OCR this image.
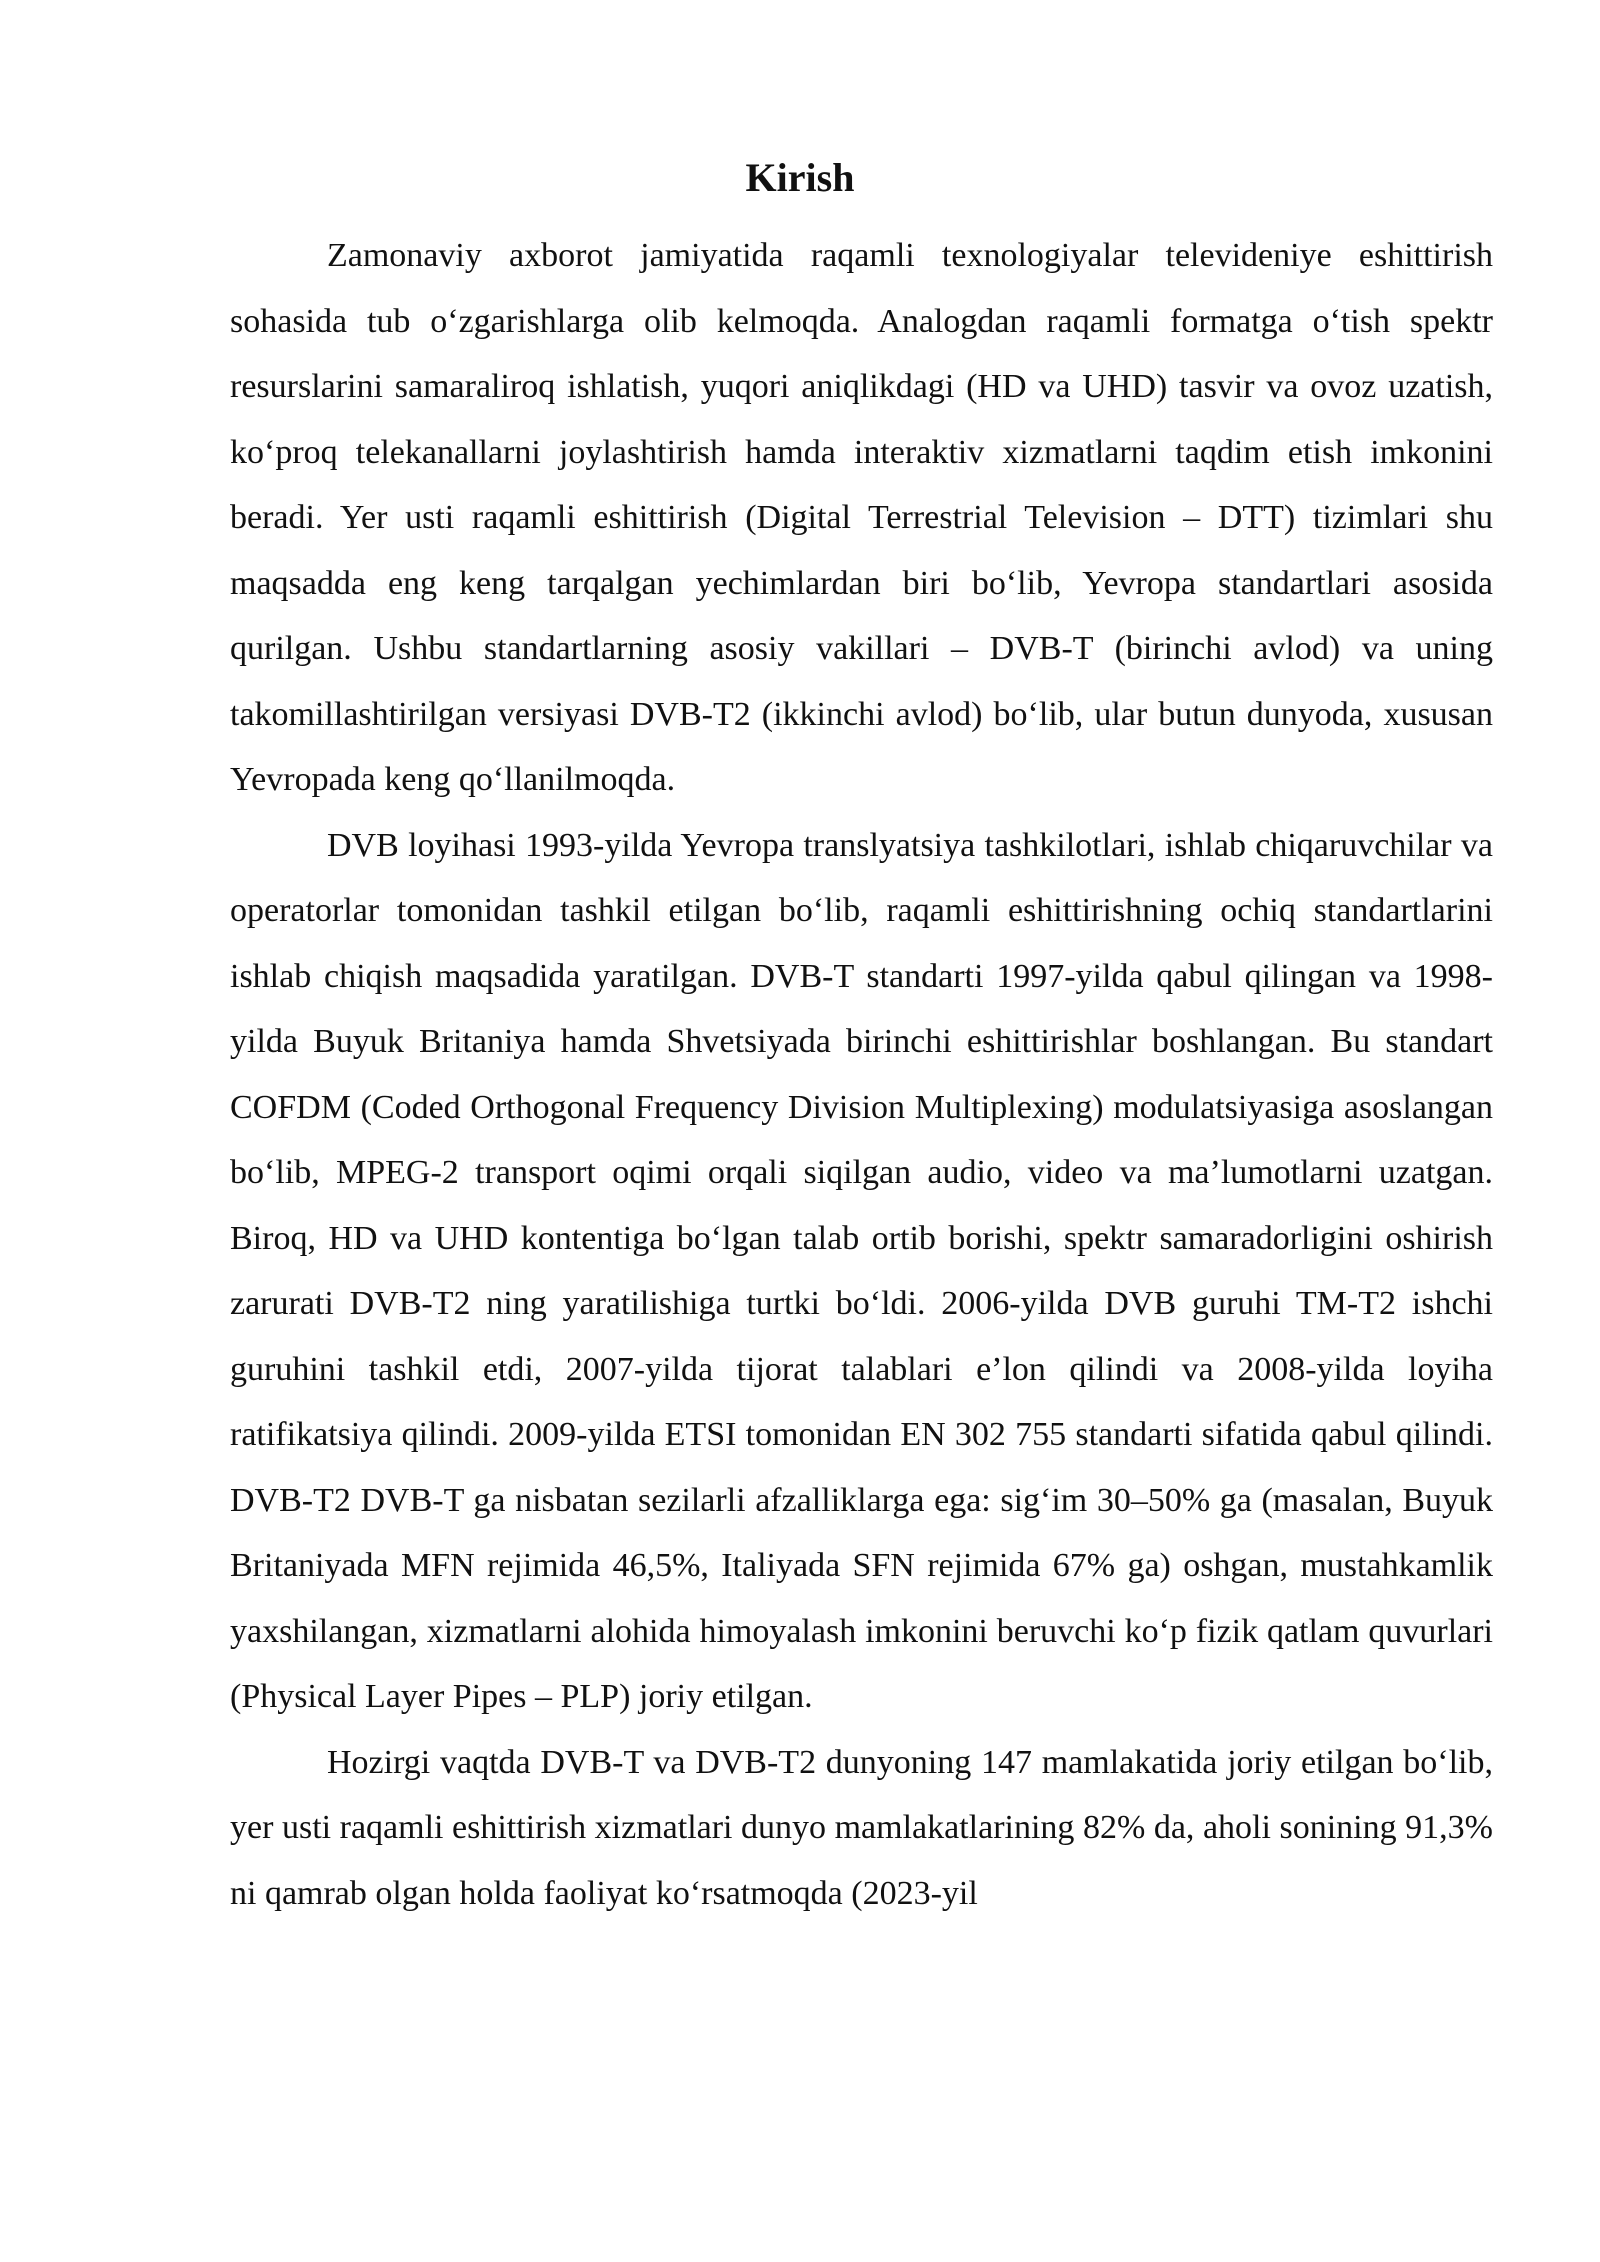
Kirish

Zamonaviy axborot jamiyatida raqamli texnologiyalar televideniye eshittirish sohasida tub o‘zgarishlarga olib kelmoqda. Analogdan raqamli formatga o‘tish spektr resurslarini samaraliroq ishlatish, yuqori aniqlikdagi (HD va UHD) tasvir va ovoz uzatish, ko‘proq telekanallarni joylashtirish hamda interaktiv xizmatlarni taqdim etish imkonini beradi. Yer usti raqamli eshittirish (Digital Terrestrial Television – DTT) tizimlari shu maqsadda eng keng tarqalgan yechimlardan biri bo‘lib, Yevropa standartlari asosida qurilgan. Ushbu standartlarning asosiy vakillari – DVB-T (birinchi avlod) va uning takomillashtirilgan versiyasi DVB-T2 (ikkinchi avlod) bo‘lib, ular butun dunyoda, xususan Yevropada keng qo‘llanilmoqda.

DVB loyihasi 1993-yilda Yevropa translyatsiya tashkilotlari, ishlab chiqaruvchilar va operatorlar tomonidan tashkil etilgan bo‘lib, raqamli eshittirishning ochiq standartlarini ishlab chiqish maqsadida yaratilgan. DVB-T standarti 1997-yilda qabul qilingan va 1998-yilda Buyuk Britaniya hamda Shvetsiyada birinchi eshittirishlar boshlangan. Bu standart COFDM (Coded Orthogonal Frequency Division Multiplexing) modulatsiyasiga asoslangan bo‘lib, MPEG-2 transport oqimi orqali siqilgan audio, video va ma’lumotlarni uzatgan. Biroq, HD va UHD kontentiga bo‘lgan talab ortib borishi, spektr samaradorligini oshirish zarurati DVB-T2 ning yaratilishiga turtki bo‘ldi. 2006-yilda DVB guruhi TM-T2 ishchi guruhini tashkil etdi, 2007-yilda tijorat talablari e’lon qilindi va 2008-yilda loyiha ratifikatsiya qilindi. 2009-yilda ETSI tomonidan EN 302 755 standarti sifatida qabul qilindi. DVB-T2 DVB-T ga nisbatan sezilarli afzalliklarga ega: sig‘im 30–50% ga (masalan, Buyuk Britaniyada MFN rejimida 46,5%, Italiyada SFN rejimida 67% ga) oshgan, mustahkamlik yaxshilangan, xizmatlarni alohida himoyalash imkonini beruvchi ko‘p fizik qatlam quvurlari (Physical Layer Pipes – PLP) joriy etilgan.

Hozirgi vaqtda DVB-T va DVB-T2 dunyoning 147 mamlakatida joriy etilgan bo‘lib, yer usti raqamli eshittirish xizmatlari dunyo mamlakatlarining 82% da, aholi sonining 91,3% ni qamrab olgan holda faoliyat ko‘rsatmoqda (2023-yil
